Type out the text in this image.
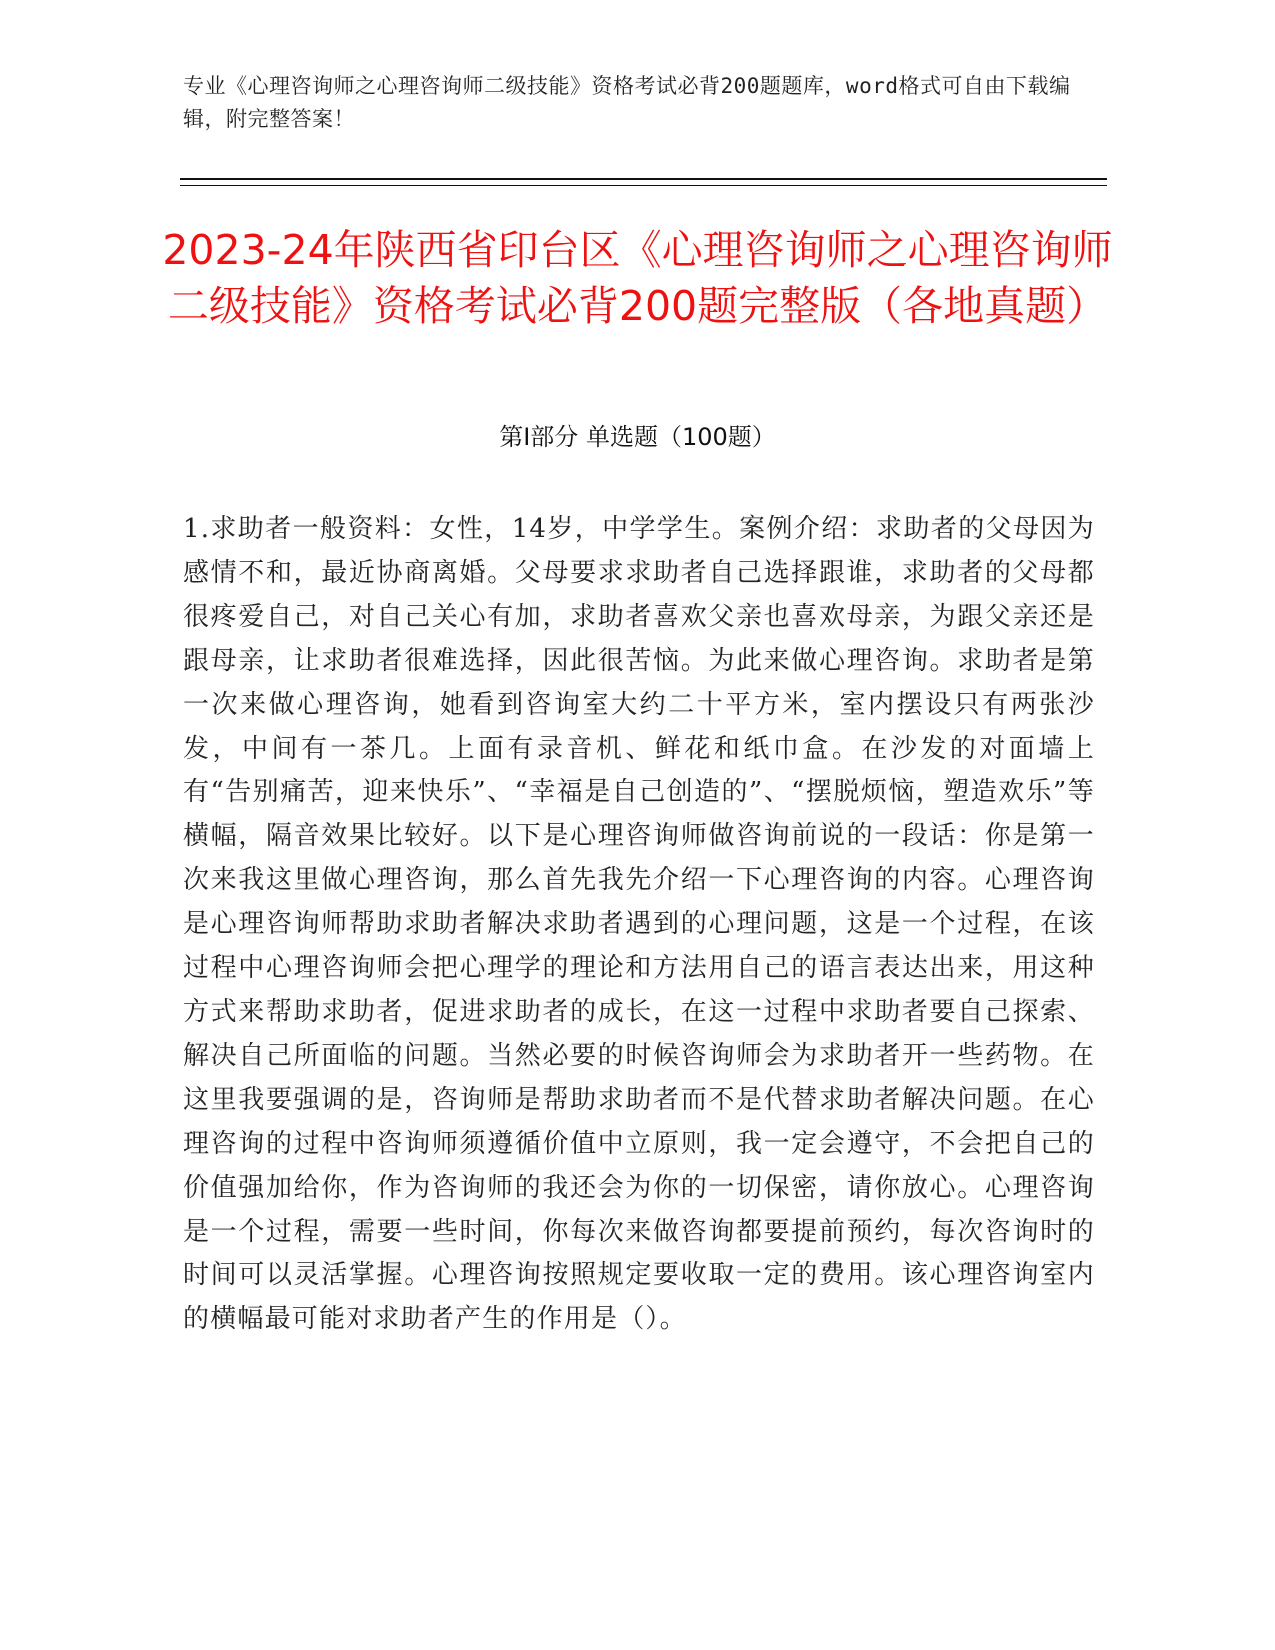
专业《心理咨询师之心理咨询师二级技能》资格考试必背200题题库，word格式可自由下载编辑，附完整答案！
2023-24年陕西省印台区《心理咨询师之心理咨询师二级技能》资格考试必背200题完整版（各地真题）
第I部分 单选题（100题）
1.求助者一般资料：女性，14岁，中学学生。案例介绍：求助者的父母因为感情不和，最近协商离婚。父母要求求助者自己选择跟谁，求助者的父母都很疼爱自己，对自己关心有加，求助者喜欢父亲也喜欢母亲，为跟父亲还是跟母亲，让求助者很难选择，因此很苦恼。为此来做心理咨询。求助者是第一次来做心理咨询，她看到咨询室大约二十平方米，室内摆设只有两张沙发，中间有一茶几。上面有录音机、鲜花和纸巾盒。在沙发的对面墙上有“告别痛苦，迎来快乐”、“幸福是自己创造的”、“摆脱烦恼，塑造欢乐”等横幅，隔音效果比较好。以下是心理咨询师做咨询前说的一段话：你是第一次来我这里做心理咨询，那么首先我先介绍一下心理咨询的内容。心理咨询是心理咨询师帮助求助者解决求助者遇到的心理问题，这是一个过程，在该过程中心理咨询师会把心理学的理论和方法用自己的语言表达出来，用这种方式来帮助求助者，促进求助者的成长，在这一过程中求助者要自己探索、解决自己所面临的问题。当然必要的时候咨询师会为求助者开一些药物。在这里我要强调的是，咨询师是帮助求助者而不是代替求助者解决问题。在心理咨询的过程中咨询师须遵循价值中立原则，我一定会遵守，不会把自己的价值强加给你，作为咨询师的我还会为你的一切保密，请你放心。心理咨询是一个过程，需要一些时间，你每次来做咨询都要提前预约，每次咨询时的时间可以灵活掌握。心理咨询按照规定要收取一定的费用。该心理咨询室内的横幅最可能对求助者产生的作用是（）。
